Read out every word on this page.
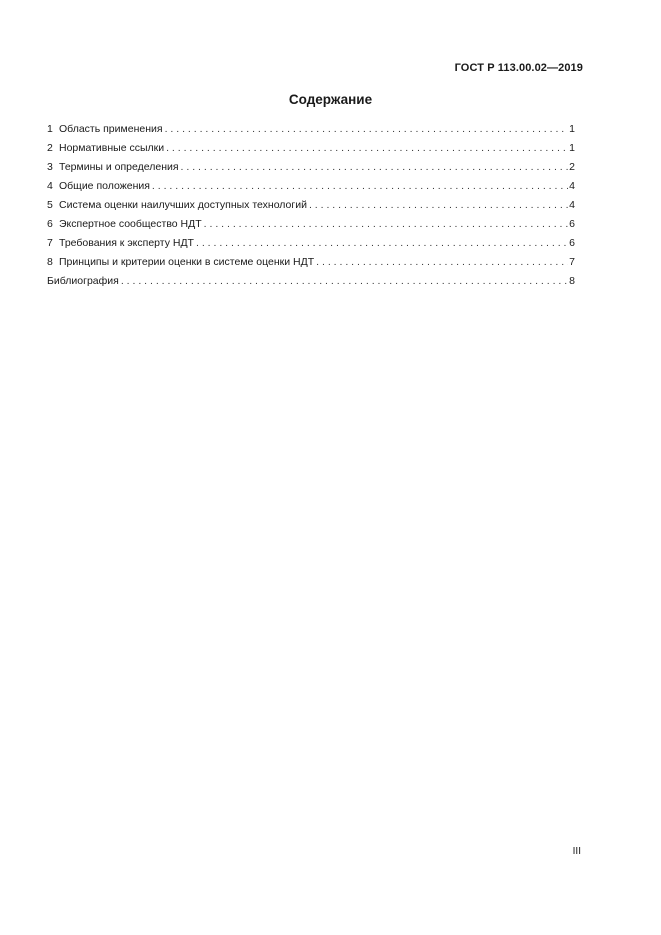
ГОСТ Р 113.00.02—2019
Содержание
1 Область применения . . .	1
2 Нормативные ссылки . . .	1
3 Термины и определения . . .	2
4 Общие положения . . .	4
5 Система оценки наилучших доступных технологий . . .	4
6 Экспертное сообщество НДТ . . .	6
7 Требования к эксперту НДТ . . .	6
8 Принципы и критерии оценки в системе оценки НДТ . . .	7
Библиография . . .	8
III
